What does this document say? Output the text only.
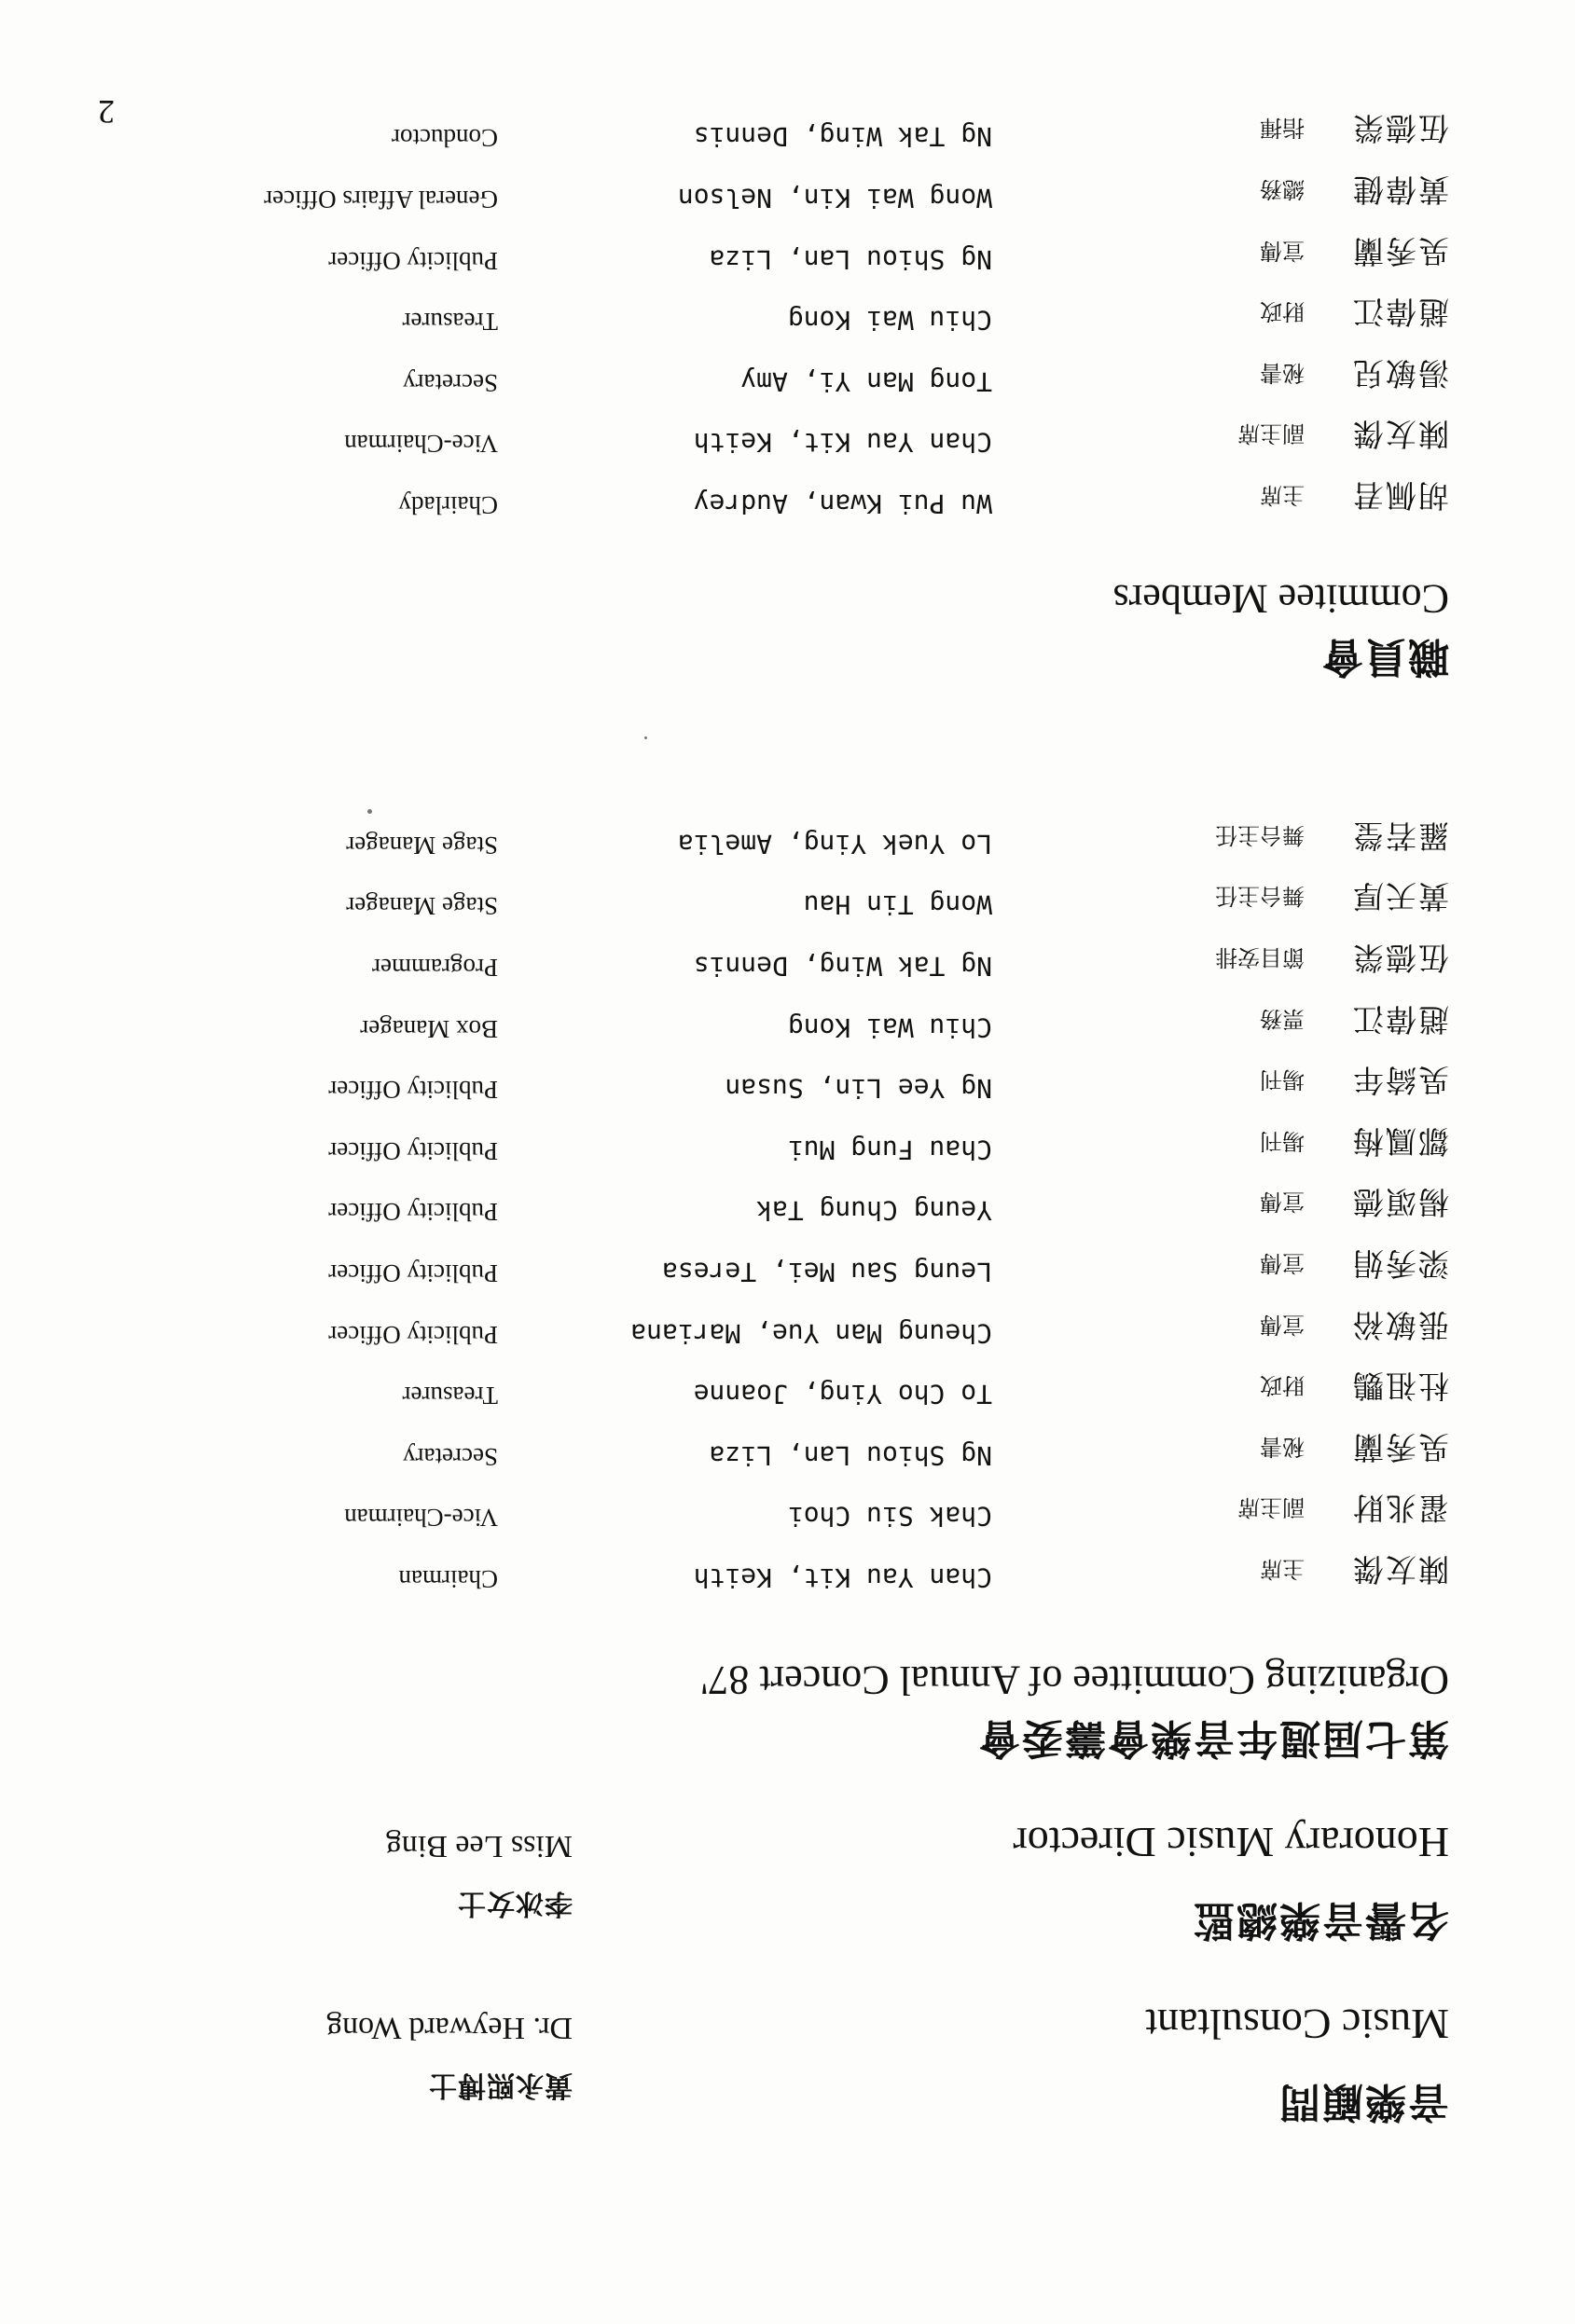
音樂顧問
Music Consultant
黃永熙博士
Dr. Heyward Wong
名譽音樂總監
Honorary Music Director
李冰女士
Miss Lee Bing
第七屆週年音樂會籌委會
Organizing Committee of Annual Concert 87'
陳友傑
主席
Chan Yau Kit, Keith
Chairman
翟兆財
副主席
Chak Siu Choi
Vice-Chairman
吳秀蘭
秘書
Ng Shiou Lan, Liza
Secretary
杜祖鸚
財政
To Cho Ying, Joanne
Treasurer
張敏裕
宣傳
Cheung Man Yue, Mariana
Publicity Officer
梁秀娟
宣傳
Leung Sau Mei, Teresa
Publicity Officer
楊頌德
宣傳
Yeung Chung Tak
Publicity Officer
鄒鳳梅
場刊
Chau Fung Mui
Publicity Officer
吳綺年
場刊
Ng Yee Lin, Susan
Publicity Officer
趙偉江
票務
Chiu Wai Kong
Box Manager
伍德榮
節目安排
Ng Tak Wing, Dennis
Programmer
黃天厚
舞台主任
Wong Tin Hau
Stage Manager
羅若瑩
舞台主任
Lo Yuek Ying, Amelia
Stage Manager
職員會
Commitee Members
胡佩君
主席
Wu Pui Kwan, Audrey
Chairlady
陳友傑
副主席
Chan Yau Kit, Keith
Vice-Chairman
湯敏兒
秘書
Tong Man Yi, Amy
Secretary
趙偉江
財政
Chiu Wai Kong
Treasurer
吳秀蘭
宣傳
Ng Shiou Lan, Liza
Publicity Officer
黃偉健
總務
Wong Wai Kin, Nelson
General Affairs Officer
伍德榮
指揮
Ng Tak Wing, Dennis
Conductor
2
